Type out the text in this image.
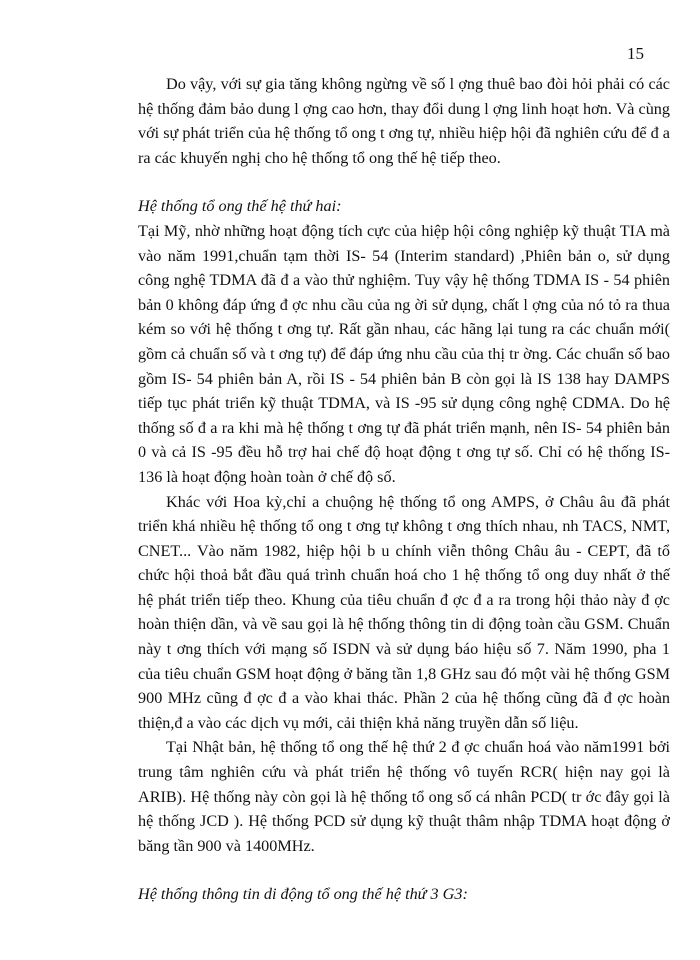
15

Do vậy, với sự gia tăng không ngừng về số l ợng thuê bao đòi hỏi phải có các hệ thống đảm bảo dung l ợng cao hơn, thay đổi dung l ợng linh hoạt hơn. Và cùng với sự phát triển của hệ thống tổ ong t ơng tự, nhiều hiệp hội đã nghiên cứu để đ a ra các khuyến nghị cho hệ thống tổ ong thế hệ tiếp theo.

Hệ thống tổ ong thế hệ thứ hai:

Tại Mỹ, nhờ những hoạt động tích cực của hiệp hội công nghiệp kỹ thuật TIA mà vào năm 1991,chuẩn tạm thời IS- 54 (Interim standard) ,Phiên bản o, sử dụng công nghệ TDMA đã đ a vào thử nghiệm. Tuy vậy hệ thống TDMA IS - 54 phiên bản 0 không đáp ứng đ ợc nhu cầu của ng ời sử dụng, chất l ợng của nó tỏ ra thua kém so với hệ thống t ơng tự. Rất gần nhau, các hãng lại tung ra các chuẩn mới( gồm cả chuẩn số và t ơng tự) để đáp ứng nhu cầu của thị tr ờng. Các chuẩn số bao gồm IS- 54 phiên bản A, rồi IS - 54 phiên bản B còn gọi là IS 138 hay DAMPS tiếp tục phát triển kỹ thuật TDMA, và IS -95 sử dụng công nghệ CDMA. Do hệ thống số đ a ra khi mà hệ thống t ơng tự đã phát triển mạnh, nên IS- 54 phiên bản 0 và cả IS -95 đều hỗ trợ hai chế độ hoạt động t ơng tự số. Chỉ có hệ thống IS- 136 là hoạt động hoàn toàn ở chế độ số.

Khác với Hoa kỳ,chỉ a chuộng hệ thống tổ ong AMPS, ở Châu âu đã phát triển khá nhiều hệ thống tổ ong t ơng tự không t ơng thích nhau, nh TACS, NMT, CNET... Vào năm 1982, hiệp hội b u chính viễn thông Châu âu - CEPT, đã tổ chức hội thoả bắt đầu quá trình chuẩn hoá cho 1 hệ thống tổ ong duy nhất ở thế hệ phát triển tiếp theo. Khung của tiêu chuẩn đ ợc đ a ra trong hội thảo này đ ợc hoàn thiện dần, và về sau gọi là hệ thống thông tin di động toàn cầu GSM. Chuẩn này t ơng thích với mạng số ISDN và sử dụng báo hiệu số 7. Năm 1990, pha 1 của tiêu chuẩn GSM hoạt động ở băng tần 1,8 GHz sau đó một vài hệ thống GSM 900 MHz cũng đ ợc đ a vào khai thác. Phần 2 của hệ thống cũng đã đ ợc hoàn thiện,đ a vào các dịch vụ mới, cải thiện khả năng truyền dẫn số liệu.

Tại Nhật bản, hệ thống tổ ong thế hệ thứ 2 đ ợc chuẩn hoá vào năm1991 bởi trung tâm nghiên cứu và phát triển hệ thống vô tuyến RCR( hiện nay gọi là ARIB). Hệ thống này còn gọi là hệ thống tổ ong số cá nhân PCD( tr ớc đây gọi là hệ thống JCD ). Hệ thống PCD sử dụng kỹ thuật thâm nhập TDMA hoạt động ở băng tần 900 và 1400MHz.

Hệ thống thông tin di động tổ ong thế hệ thứ 3 G3:
